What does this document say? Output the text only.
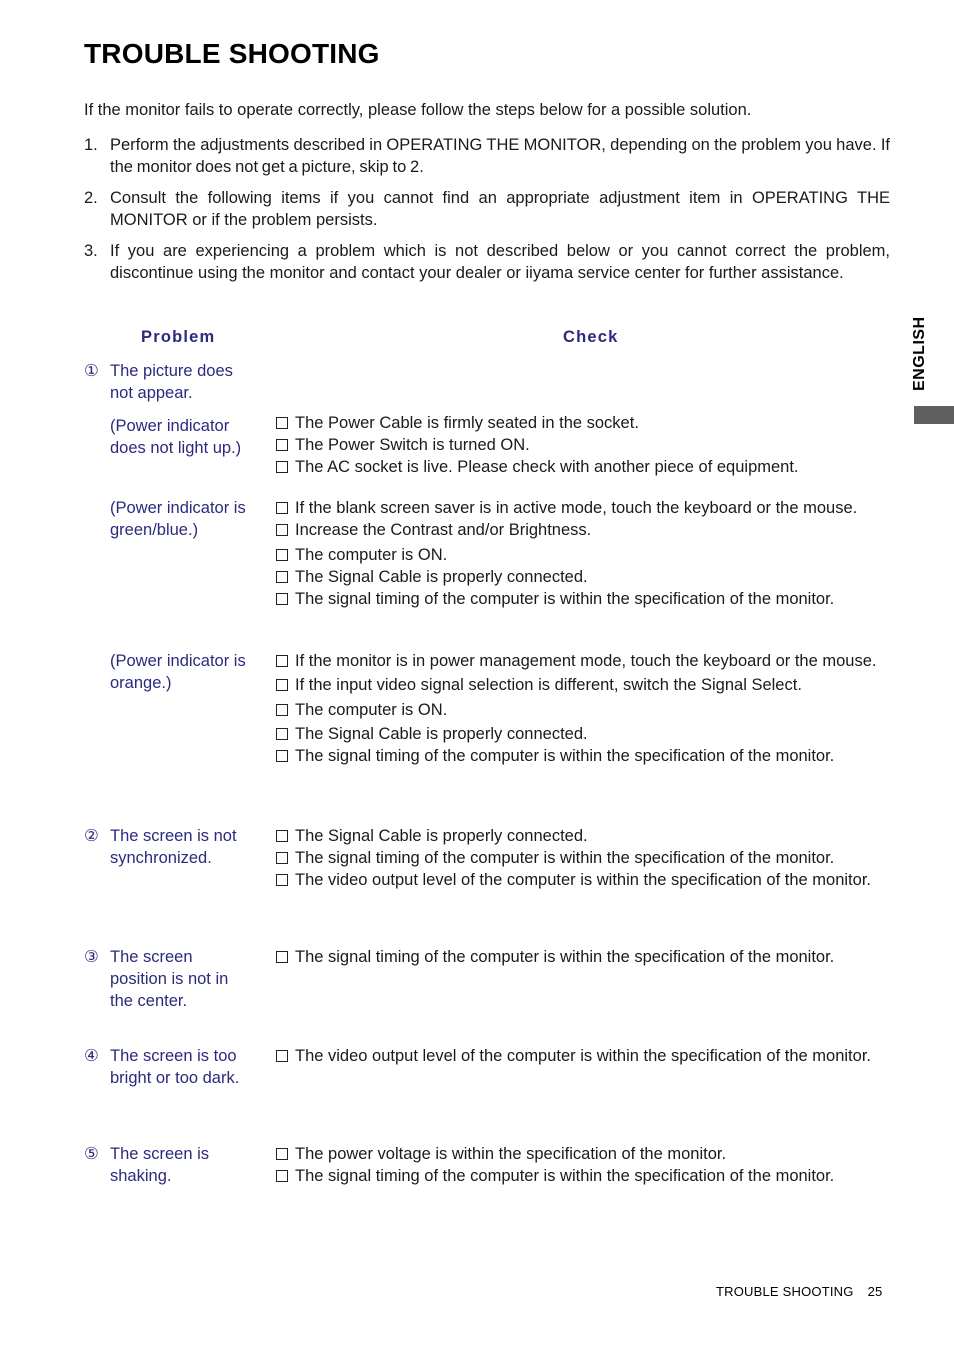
TROUBLE SHOOTING
ENGLISH

If the monitor fails to operate correctly, please follow the steps below for a possible solution.

1. Perform the adjustments described in OPERATING THE MONITOR, depending on the problem you have. If the monitor does not get a picture, skip to 2.
2. Consult the following items if you cannot find an appropriate adjustment item in OPERATING THE MONITOR or if the problem persists.
3. If you are experiencing a problem which is not described below or you cannot correct the problem, discontinue using the monitor and contact your dealer or iiyama service center for further assistance.
Problem	Check
① The picture does not appear.
(Power indicator does not light up.)
The Power Cable is firmly seated in the socket.
The Power Switch is turned ON.
The AC socket is live. Please check with another piece of equipment.
(Power indicator is green/blue.)
If the blank screen saver is in active mode, touch the keyboard or the mouse.
Increase the Contrast and/or Brightness.
The computer is ON.
The Signal Cable is properly connected.
The signal timing of the computer is within the specification of the monitor.
(Power indicator is orange.)
If the monitor is in power management mode, touch the keyboard or the mouse.
If the input video signal selection is different, switch the Signal Select.
The computer is ON.
The Signal Cable is properly connected.
The signal timing of the computer is within the specification of the monitor.
② The screen is not synchronized.
The Signal Cable is properly connected.
The signal timing of the computer is within the specification of the monitor.
The video output level of the computer is within the specification of the monitor.
③ The screen position is not in the center.
The signal timing of the computer is within the specification of the monitor.
④ The screen is too bright or too dark.
The video output level of the computer is within the specification of the monitor.
⑤ The screen is shaking.
The power voltage is within the specification of the monitor.
The signal timing of the computer is within the specification of the monitor.
TROUBLE SHOOTING 25
